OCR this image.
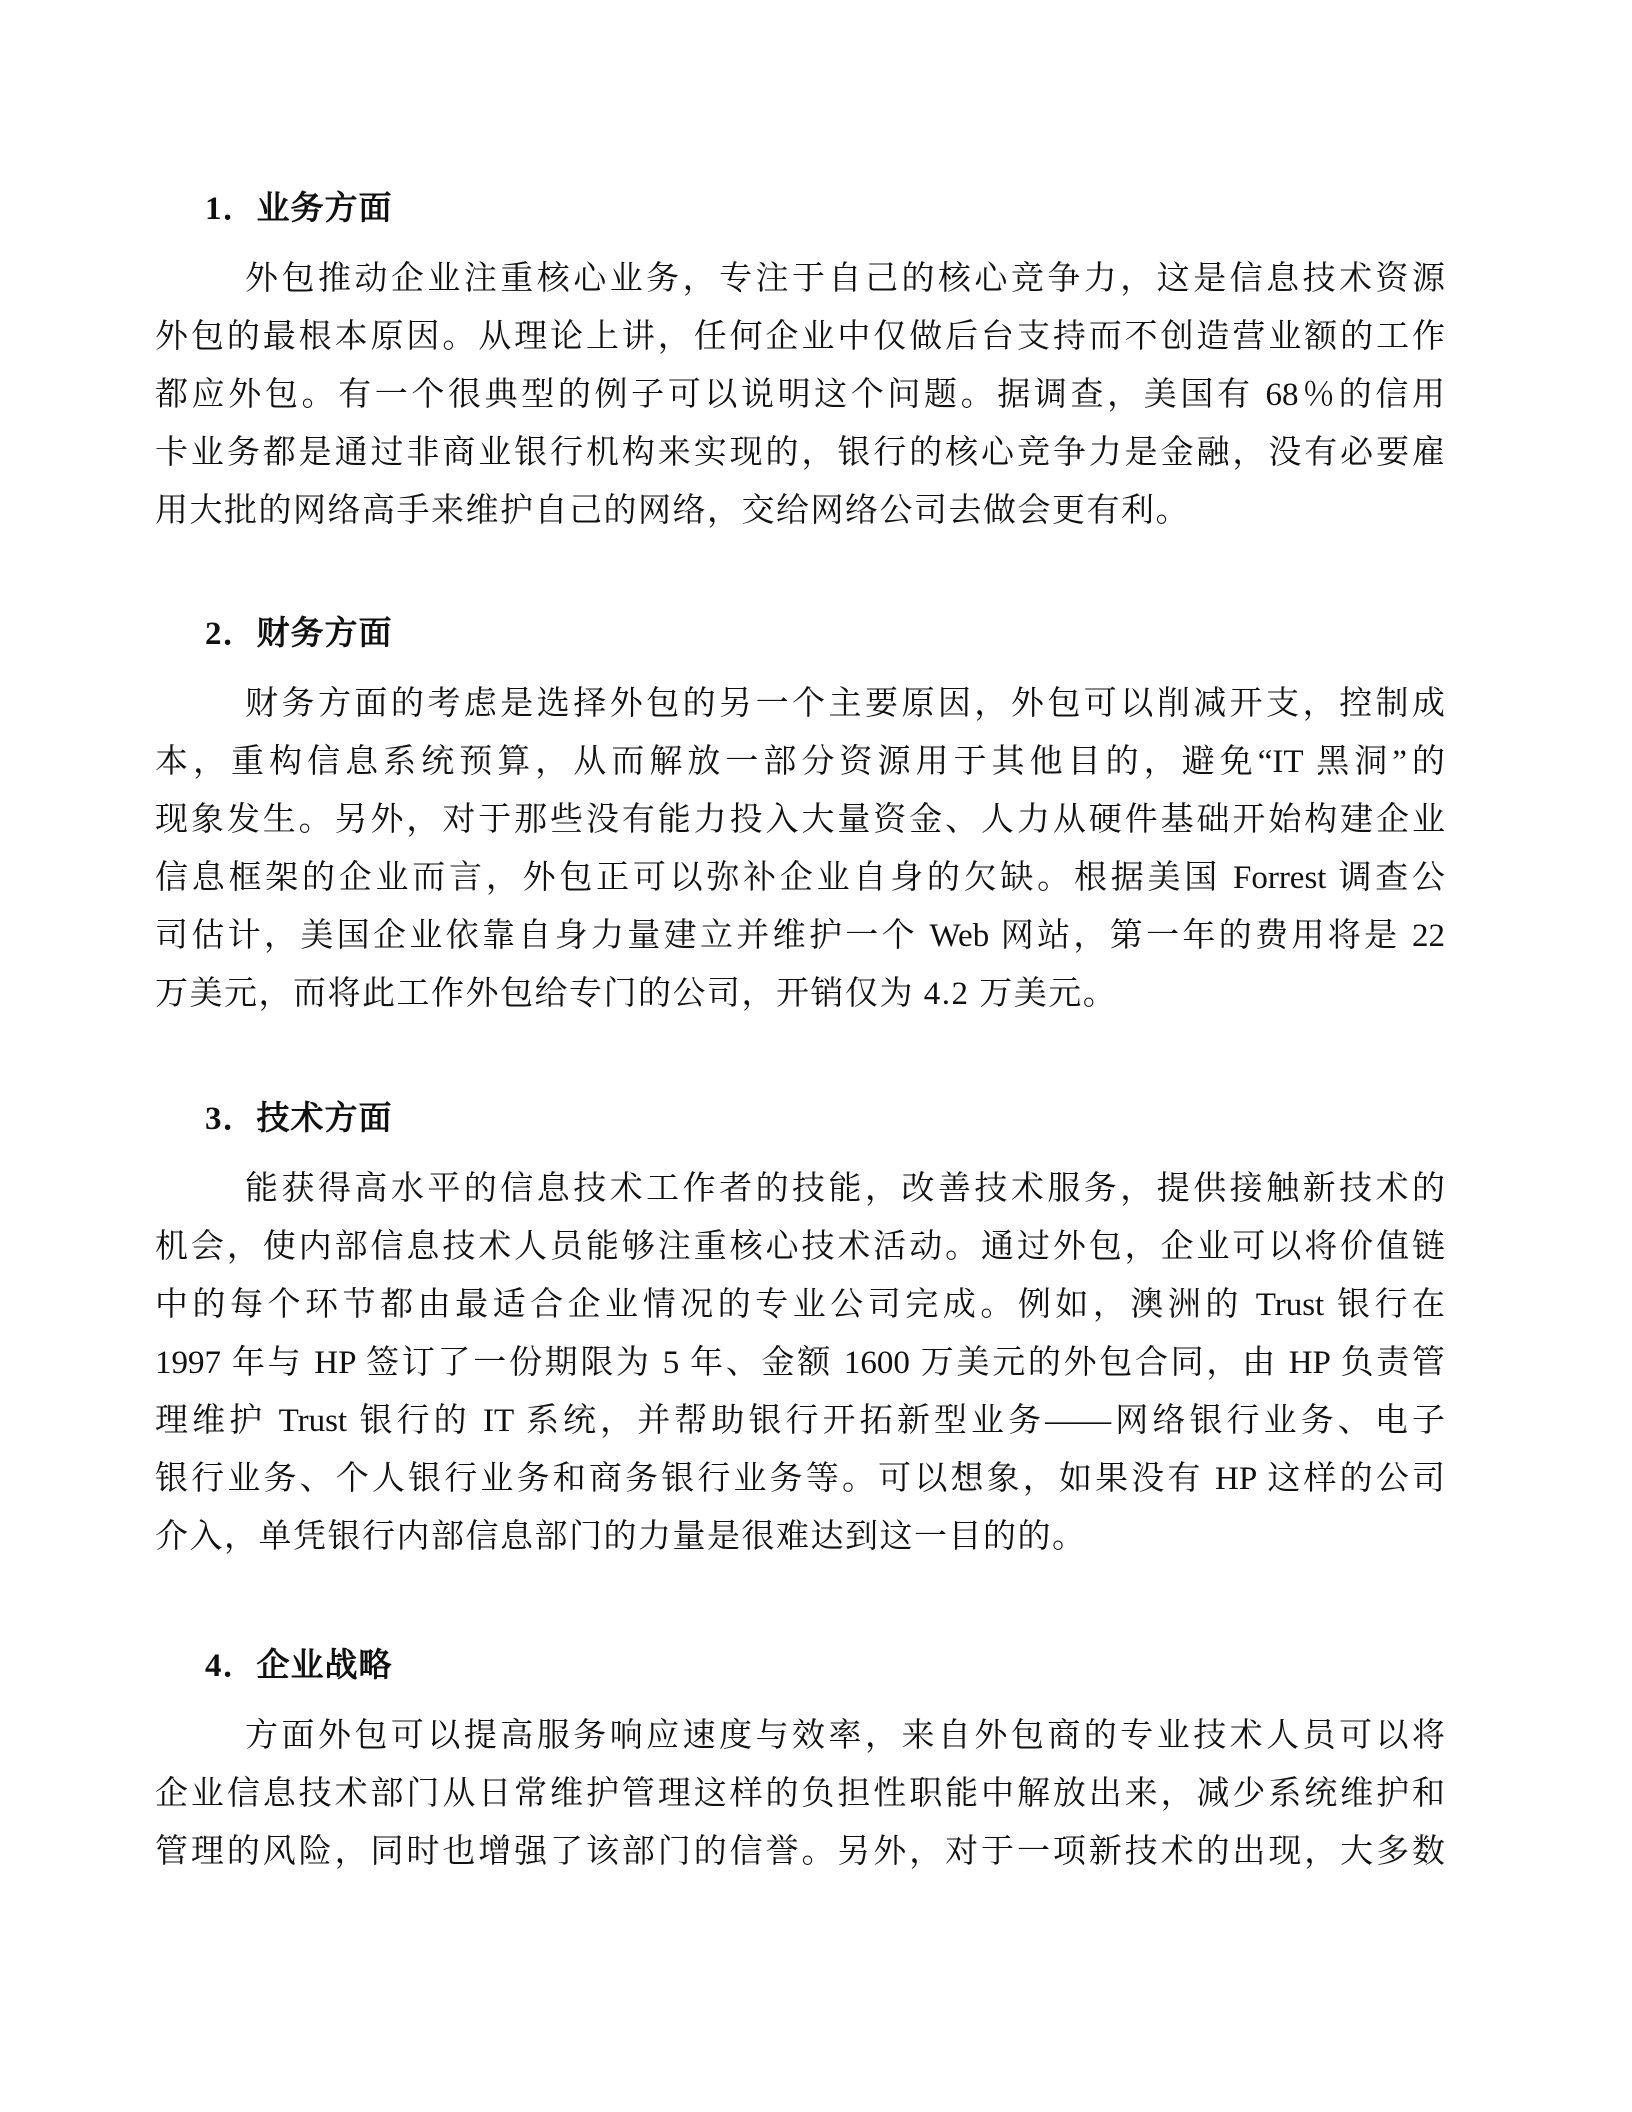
1．业务方面
外包推动企业注重核心业务，专注于自己的核心竞争力，这是信息技术资源
外包的最根本原因。从理论上讲，任何企业中仅做后台支持而不创造营业额的工作
都应外包。有一个很典型的例子可以说明这个问题。据调查，美国有 68％的信用
卡业务都是通过非商业银行机构来实现的，银行的核心竞争力是金融，没有必要雇
用大批的网络高手来维护自己的网络，交给网络公司去做会更有利。
2．财务方面
财务方面的考虑是选择外包的另一个主要原因，外包可以削减开支，控制成
本，重构信息系统预算，从而解放一部分资源用于其他目的，避免“IT 黑洞”的
现象发生。另外，对于那些没有能力投入大量资金、人力从硬件基础开始构建企业
信息框架的企业而言，外包正可以弥补企业自身的欠缺。根据美国 Forrest 调查公
司估计，美国企业依靠自身力量建立并维护一个 Web 网站，第一年的费用将是 22
万美元，而将此工作外包给专门的公司，开销仅为 4.2 万美元。
3．技术方面
能获得高水平的信息技术工作者的技能，改善技术服务，提供接触新技术的
机会，使内部信息技术人员能够注重核心技术活动。通过外包，企业可以将价值链
中的每个环节都由最适合企业情况的专业公司完成。例如，澳洲的 Trust 银行在
1997 年与 HP 签订了一份期限为 5 年、金额 1600 万美元的外包合同，由 HP 负责管
理维护 Trust 银行的 IT 系统，并帮助银行开拓新型业务――网络银行业务、电子
银行业务、个人银行业务和商务银行业务等。可以想象，如果没有 HP 这样的公司
介入，单凭银行内部信息部门的力量是很难达到这一目的的。
4．企业战略
方面外包可以提高服务响应速度与效率，来自外包商的专业技术人员可以将
企业信息技术部门从日常维护管理这样的负担性职能中解放出来，减少系统维护和
管理的风险，同时也增强了该部门的信誉。另外，对于一项新技术的出现，大多数
